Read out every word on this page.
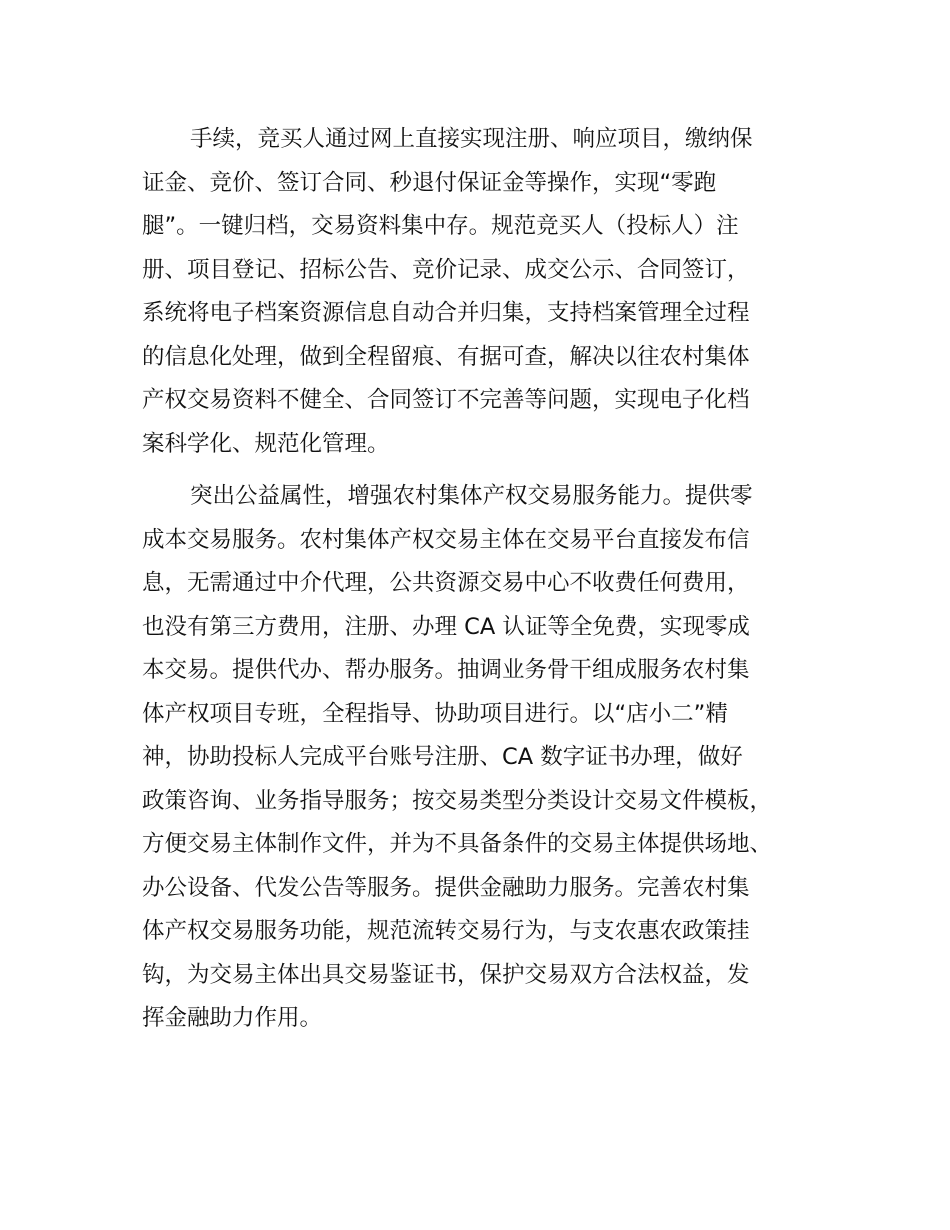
手续，竞买人通过网上直接实现注册、响应项目，缴纳保
证金、竞价、签订合同、秒退付保证金等操作，实现“零跑
腿”。一键归档，交易资料集中存。规范竞买人（投标人）注
册、项目登记、招标公告、竞价记录、成交公示、合同签订，
系统将电子档案资源信息自动合并归集，支持档案管理全过程
的信息化处理，做到全程留痕、有据可查，解决以往农村集体
产权交易资料不健全、合同签订不完善等问题，实现电子化档
案科学化、规范化管理。
突出公益属性，增强农村集体产权交易服务能力。提供零
成本交易服务。农村集体产权交易主体在交易平台直接发布信
息，无需通过中介代理，公共资源交易中心不收费任何费用，
也没有第三方费用，注册、办理 CA 认证等全免费，实现零成
本交易。提供代办、帮办服务。抽调业务骨干组成服务农村集
体产权项目专班，全程指导、协助项目进行。以“店小二”精
神，协助投标人完成平台账号注册、CA 数字证书办理，做好
政策咨询、业务指导服务；按交易类型分类设计交易文件模板，
方便交易主体制作文件，并为不具备条件的交易主体提供场地、
办公设备、代发公告等服务。提供金融助力服务。完善农村集
体产权交易服务功能，规范流转交易行为，与支农惠农政策挂
钩，为交易主体出具交易鉴证书，保护交易双方合法权益，发
挥金融助力作用。
